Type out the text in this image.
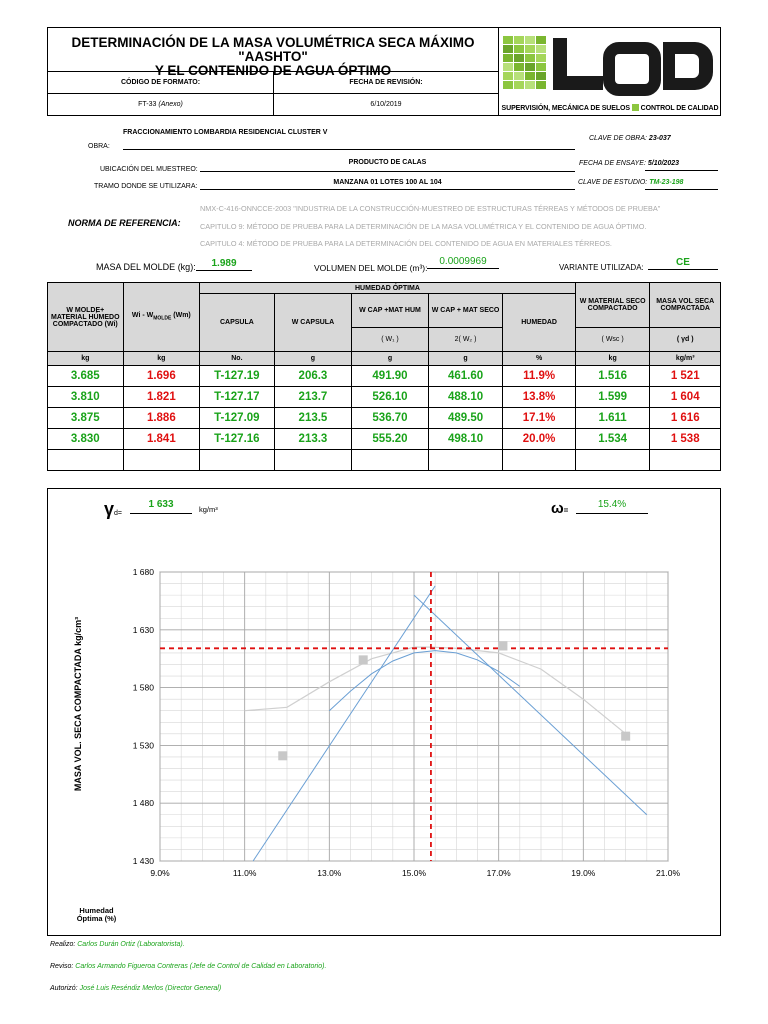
DETERMINACIÓN DE LA MASA VOLUMÉTRICA SECA MÁXIMO "AASHTO"
Y EL CONTENIDO DE AGUA ÓPTIMO
CÓDIGO DE FORMATO:	FECHA DE REVISIÓN:
FT-33 (Anexo)	6/10/2019
SUPERVISIÓN, MECÁNICA DE SUELOS CONTROL DE CALIDAD
OBRA:
FRACCIONAMIENTO LOMBARDIA RESIDENCIAL CLUSTER V
UBICACIÓN DEL MUESTREO:
PRODUCTO DE CALAS
TRAMO DONDE SE UTILIZARA:
MANZANA 01 LOTES 100 AL 104
CLAVE DE OBRA: 23-037
FECHA DE ENSAYE: 5/10/2023
CLAVE DE ESTUDIO: TM-23-198
NORMA DE REFERENCIA:
NMX-C-416-ONNCCE-2003 "INDUSTRIA DE LA CONSTRUCCIÓN-MUESTREO DE ESTRUCTURAS TÉRREAS Y MÉTODOS DE PRUEBA"
CAPITULO 9: MÉTODO DE PRUEBA PARA LA DETERMINACIÓN DE LA MASA VOLUMÉTRICA Y EL CONTENIDO DE AGUA ÓPTIMO.
CAPITULO 4: MÉTODO DE PRUEBA PARA LA DETERMINACIÓN DEL CONTENIDO DE AGUA EN MATERIALES TÉRREOS.
MASA DEL MOLDE (kg):	1.989	VOLUMEN DEL MOLDE (m³):
0.0009969
VARIANTE UTILIZADA:	CE
W MOLDE+ MATERIAL HÚMEDO COMPACTADO (Wi)	Wi - $W_{MOLDE}$ (Wm)	HUMEDAD ÓPTIMA					W MATERIAL SECO COMPACTADO	MASA VOL SECA COMPACTADA
		CAPSULA	W CAPSULA	W CAP +MAT HUM	W CAP + MAT SECO	HUMEDAD		
				( W₁ )	2( W₂ )		( Wsc )	( γd )
kg	kg	No.	g	g	g	%	kg	kg/m³
3.685	1.696	T-127.19	206.3	491.90	461.60	11.9%	1.516	1 521
3.810	1.821	T-127.17	213.7	526.10	488.10	13.8%	1.599	1 604
3.875	1.886	T-127.09	213.5	536.70	489.50	17.1%	1.611	1 616
3.830	1.841	T-127.16	213.3	555.20	498.10	20.0%	1.534	1 538

γd=
1 633	kg/m³	ω=
15.4%
9.0%	11.0%	13.0%	15.0%	17.0%	19.0%	21.0%
1 430
1 480
1 530
1 580
1 630
1 680
MASA VOL. SECA COMPACTADA kg/cm³
Humedad Óptima (%)
Realizo: Carlos Durán Ortiz (Laboratorista).
Reviso: Carlos Armando Figueroa Contreras (Jefe de Control de Calidad en Laboratorio).
Autorizó: José Luis Reséndiz Merlos (Director General)
